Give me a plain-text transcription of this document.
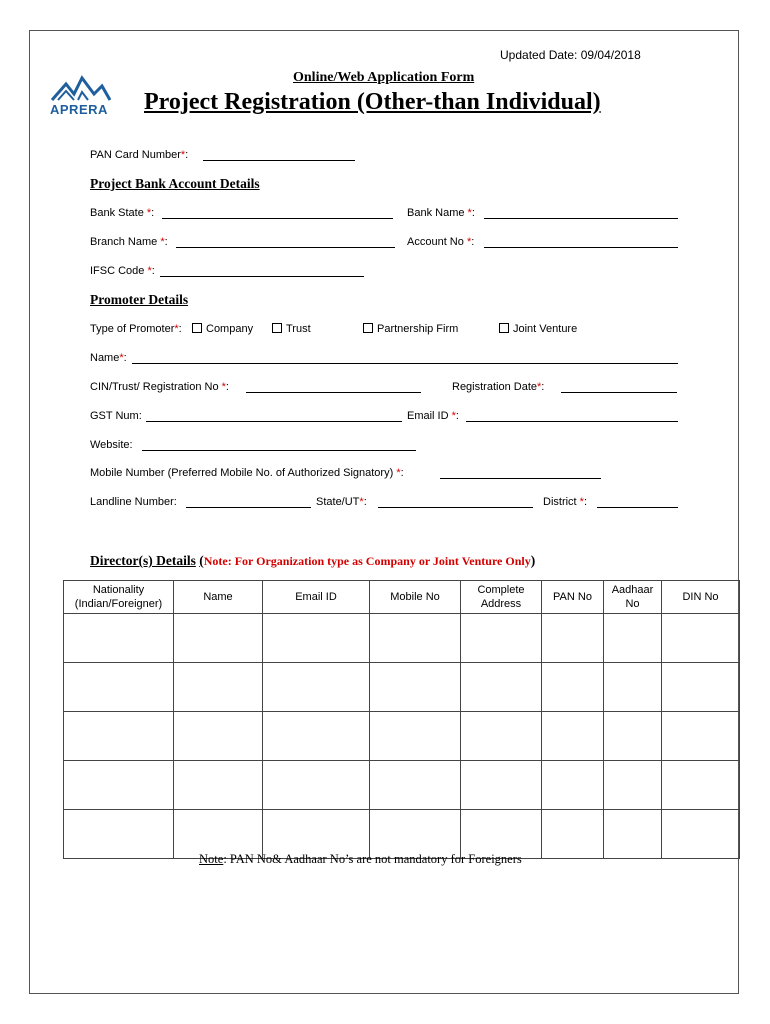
Updated Date: 09/04/2018
APRERA
Online/Web Application Form
Project Registration (Other-than Individual)
PAN Card Number*:
Project Bank Account Details
Bank State *:	Bank Name *:
Branch Name *:	Account No *:
IFSC Code *:
Promoter Details
Type of Promoter*:	Company	Trust	Partnership Firm	Joint Venture
Name*:
CIN/Trust/ Registration No *:	Registration Date*:
GST Num:	Email ID *:
Website:
Mobile Number (Preferred Mobile No. of Authorized Signatory) *:
Landline Number:	State/UT*:	District *:
Director(s) Details (Note: For Organization type as Company or Joint Venture Only)
Nationality (Indian/Foreigner)	Name	Email ID	Mobile No	Complete Address	PAN No	Aadhaar No	DIN No

Note: PAN No& Aadhaar No’s are not mandatory for Foreigners
